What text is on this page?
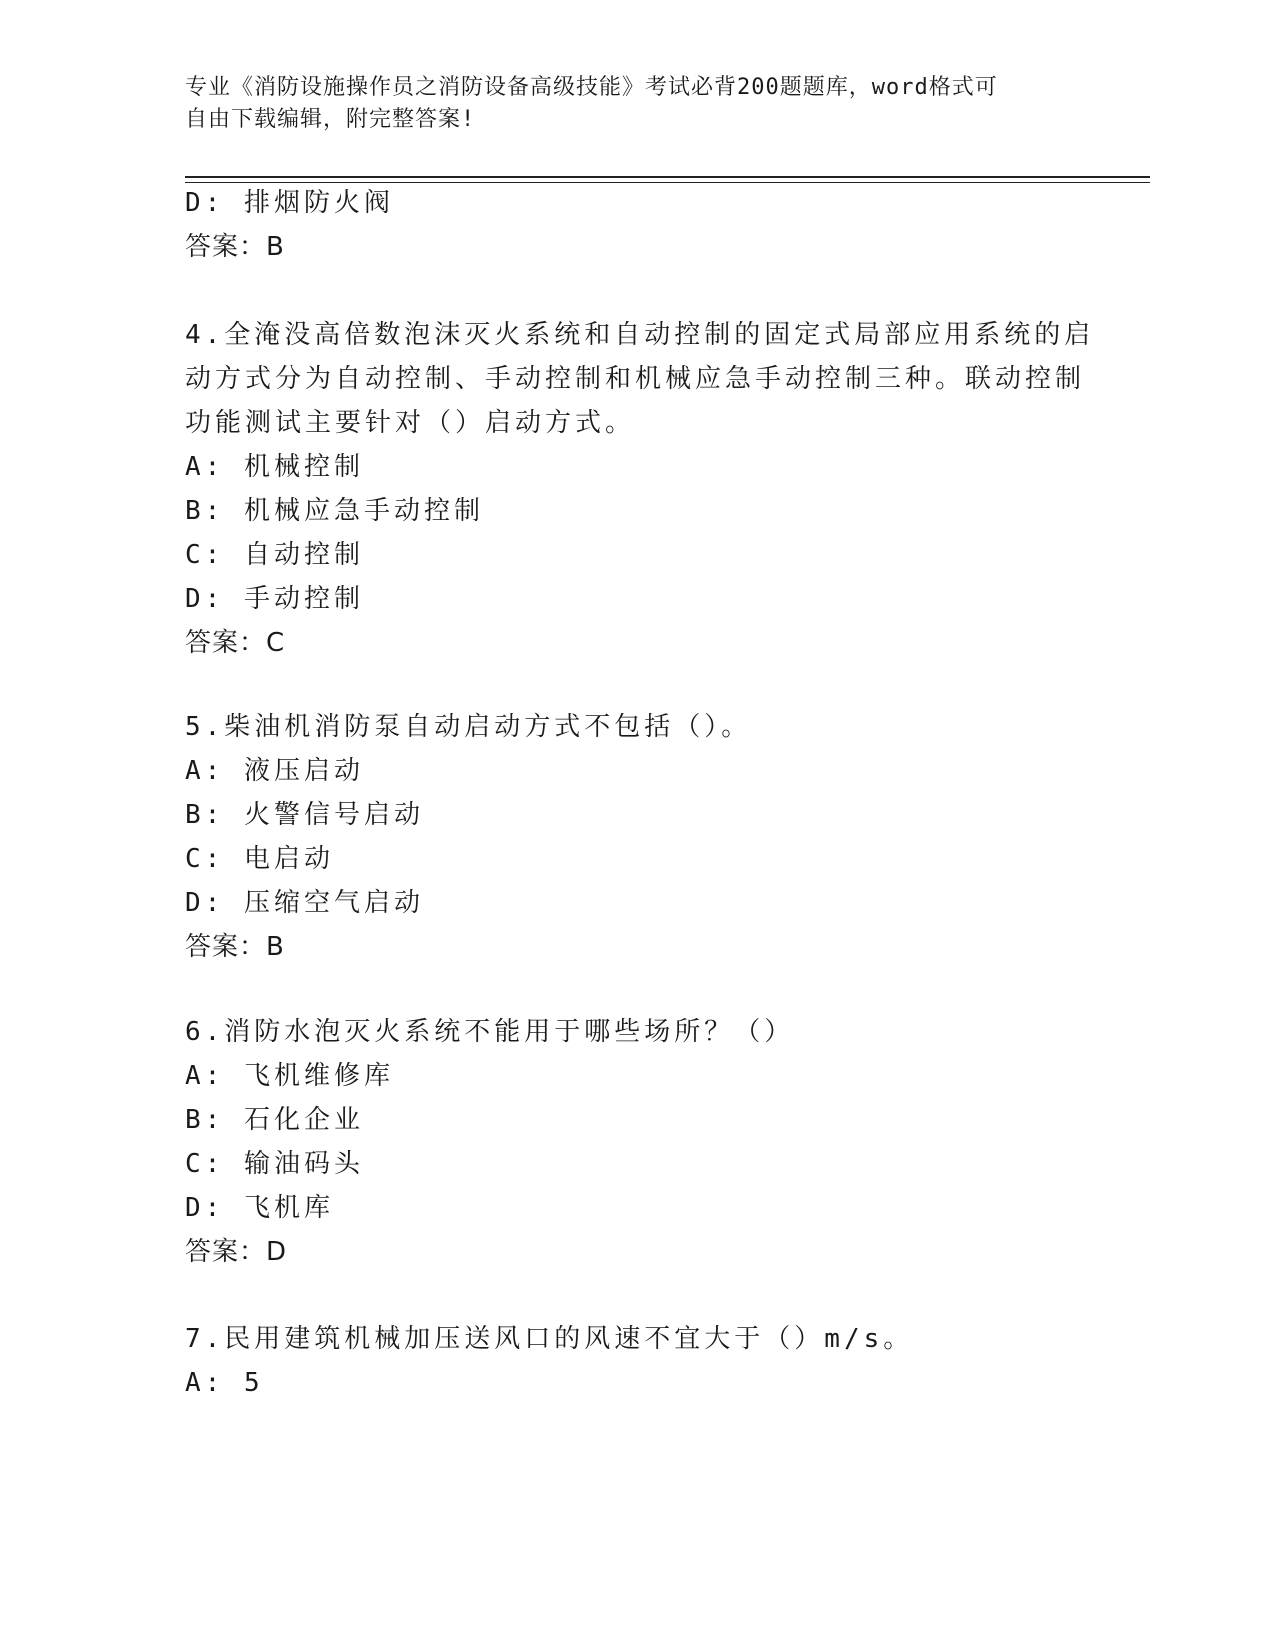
专业《消防设施操作员之消防设备高级技能》考试必背200题题库，word格式可
自由下载编辑，附完整答案!
D: 排烟防火阀
答案：B
4.全淹没高倍数泡沫灭火系统和自动控制的固定式局部应用系统的启
动方式分为自动控制、手动控制和机械应急手动控制三种。联动控制
功能测试主要针对（）启动方式。
A: 机械控制
B: 机械应急手动控制
C: 自动控制
D: 手动控制
答案：C
5.柴油机消防泵自动启动方式不包括（）。
A: 液压启动
B: 火警信号启动
C: 电启动
D: 压缩空气启动
答案：B
6.消防水泡灭火系统不能用于哪些场所？（）
A: 飞机维修库
B: 石化企业
C: 输油码头
D: 飞机库
答案：D
7.民用建筑机械加压送风口的风速不宜大于（）m/s。
A: 5
